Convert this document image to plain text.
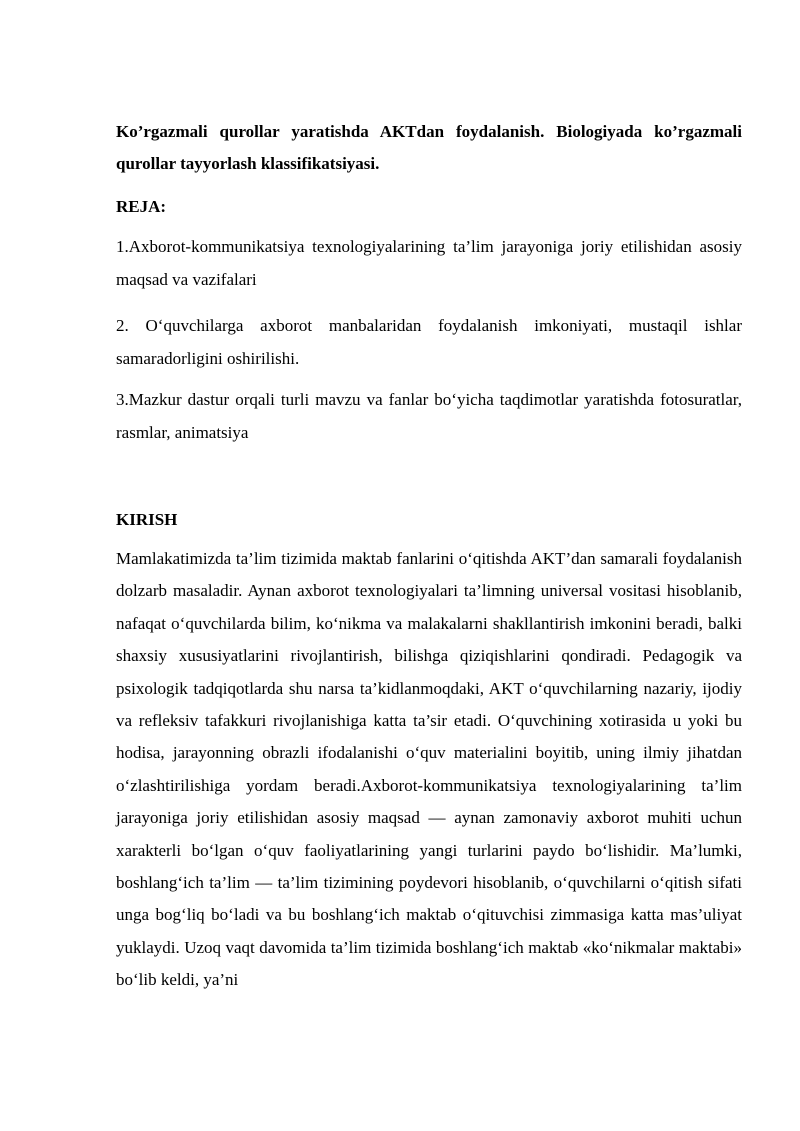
Ko’rgazmali qurollar yaratishda AKTdan foydalanish. Biologiyada ko’rgazmali qurollar tayyorlash klassifikatsiyasi.

REJA:

1.Axborot-kommunikatsiya texnologiyalarining ta’lim jarayoniga joriy etilishidan asosiy maqsad va vazifalari

2. O‘quvchilarga axborot manbalaridan foydalanish imkoniyati, mustaqil ishlar samaradorligini oshirilishi.

3.Mazkur dastur orqali turli mavzu va fanlar bo‘yicha taqdimotlar yaratishda fotosuratlar, rasmlar, animatsiya

KIRISH

Mamlakatimizda ta’lim tizimida maktab fanlarini o‘qitishda AKT’dan samarali foydalanish dolzarb masaladir. Aynan axborot texnologiyalari ta’limning universal vositasi hisoblanib, nafaqat o‘quvchilarda bilim, ko‘nikma va malakalarni shakllantirish imkonini beradi, balki shaxsiy xususiyatlarini rivojlantirish, bilishga qiziqishlarini qondiradi. Pedagogik va psixologik tadqiqotlarda shu narsa ta’kidlanmoqdaki, AKT o‘quvchilarning nazariy, ijodiy va refleksiv tafakkuri rivojlanishiga katta ta’sir etadi. O‘quvchining xotirasida u yoki bu hodisa, jarayonning obrazli ifodalanishi o‘quv materialini boyitib, uning ilmiy jihatdan o‘zlashtirilishiga yordam beradi.Axborot-kommunikatsiya texnologiyalarining ta’lim jarayoniga joriy etilishidan asosiy maqsad — aynan zamonaviy axborot muhiti uchun xarakterli bo‘lgan o‘quv faoliyatlarining yangi turlarini paydo bo‘lishidir. Ma’lumki, boshlang‘ich ta’lim — ta’lim tizimining poydevori hisoblanib, o‘quvchilarni o‘qitish sifati unga bog‘liq bo‘ladi va bu boshlang‘ich maktab o‘qituvchisi zimmasiga katta mas’uliyat yuklaydi. Uzoq vaqt davomida ta’lim tizimida boshlang‘ich maktab «ko‘nikmalar maktabi» bo‘lib keldi, ya’ni
